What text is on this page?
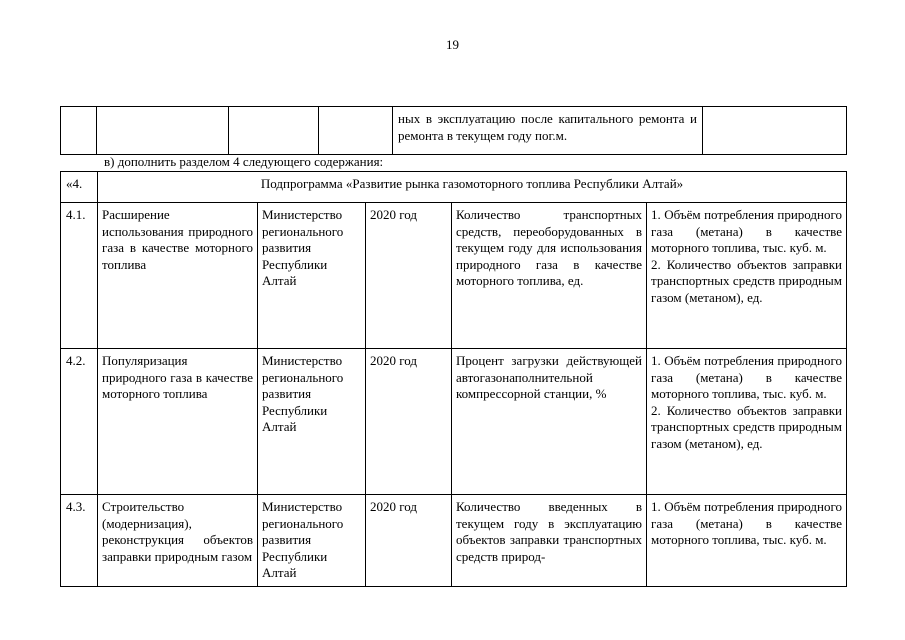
19
				ных в эксплуатацию после капитального ремонта и ремонта в текущем году пог.м.	
в) дополнить разделом 4 следующего содержания:
«4.	Подпрограмма «Развитие рынка газомоторного топлива Республики Алтай»				
4.1.	Расширение использования природного газа в качестве моторного топлива	Министерство регионального развития Республики Алтай	2020 год	Количество транспортных средств, переоборудованных в текущем году для использования природного газа в качестве моторного топлива, ед.	1. Объём потребления природного газа (метана) в качестве моторного топлива, тыс. куб. м.
2. Количество объектов заправки транспортных средств природным газом (метаном), ед.

4.2.	Популяризация природного газа в качестве моторного топлива	Министерство регионального развития Республики Алтай	2020 год	Процент загрузки действующей автогазонаполнительной компрессорной станции, %	1. Объём потребления природного газа (метана) в качестве моторного топлива, тыс. куб. м.
2. Количество объектов заправки транспортных средств природным газом (метаном), ед.

4.3.	Строительство (модернизация), реконструкция объектов заправки природным газом	Министерство регионального развития Республики Алтай	2020 год	Количество введенных в текущем году в эксплуатацию объектов заправки транспортных средств природ-	1. Объём потребления природного газа (метана) в качестве моторного топлива, тыс. куб. м.
